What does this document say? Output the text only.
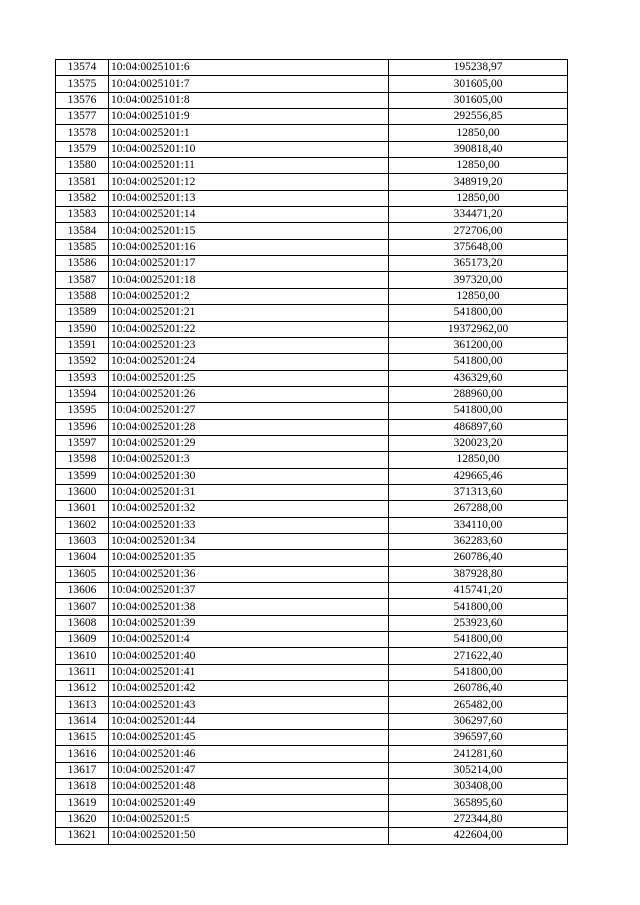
13574	10:04:0025101:6	195238,97
13575	10:04:0025101:7	301605,00
13576	10:04:0025101:8	301605,00
13577	10:04:0025101:9	292556,85
13578	10:04:0025201:1	12850,00
13579	10:04:0025201:10	390818,40
13580	10:04:0025201:11	12850,00
13581	10:04:0025201:12	348919,20
13582	10:04:0025201:13	12850,00
13583	10:04:0025201:14	334471,20
13584	10:04:0025201:15	272706,00
13585	10:04:0025201:16	375648,00
13586	10:04:0025201:17	365173,20
13587	10:04:0025201:18	397320,00
13588	10:04:0025201:2	12850,00
13589	10:04:0025201:21	541800,00
13590	10:04:0025201:22	19372962,00
13591	10:04:0025201:23	361200,00
13592	10:04:0025201:24	541800,00
13593	10:04:0025201:25	436329,60
13594	10:04:0025201:26	288960,00
13595	10:04:0025201:27	541800,00
13596	10:04:0025201:28	486897,60
13597	10:04:0025201:29	320023,20
13598	10:04:0025201:3	12850,00
13599	10:04:0025201:30	429665,46
13600	10:04:0025201:31	371313,60
13601	10:04:0025201:32	267288,00
13602	10:04:0025201:33	334110,00
13603	10:04:0025201:34	362283,60
13604	10:04:0025201:35	260786,40
13605	10:04:0025201:36	387928,80
13606	10:04:0025201:37	415741,20
13607	10:04:0025201:38	541800,00
13608	10:04:0025201:39	253923,60
13609	10:04:0025201:4	541800,00
13610	10:04:0025201:40	271622,40
13611	10:04:0025201:41	541800,00
13612	10:04:0025201:42	260786,40
13613	10:04:0025201:43	265482,00
13614	10:04:0025201:44	306297,60
13615	10:04:0025201:45	396597,60
13616	10:04:0025201:46	241281,60
13617	10:04:0025201:47	305214,00
13618	10:04:0025201:48	303408,00
13619	10:04:0025201:49	365895,60
13620	10:04:0025201:5	272344,80
13621	10:04:0025201:50	422604,00
